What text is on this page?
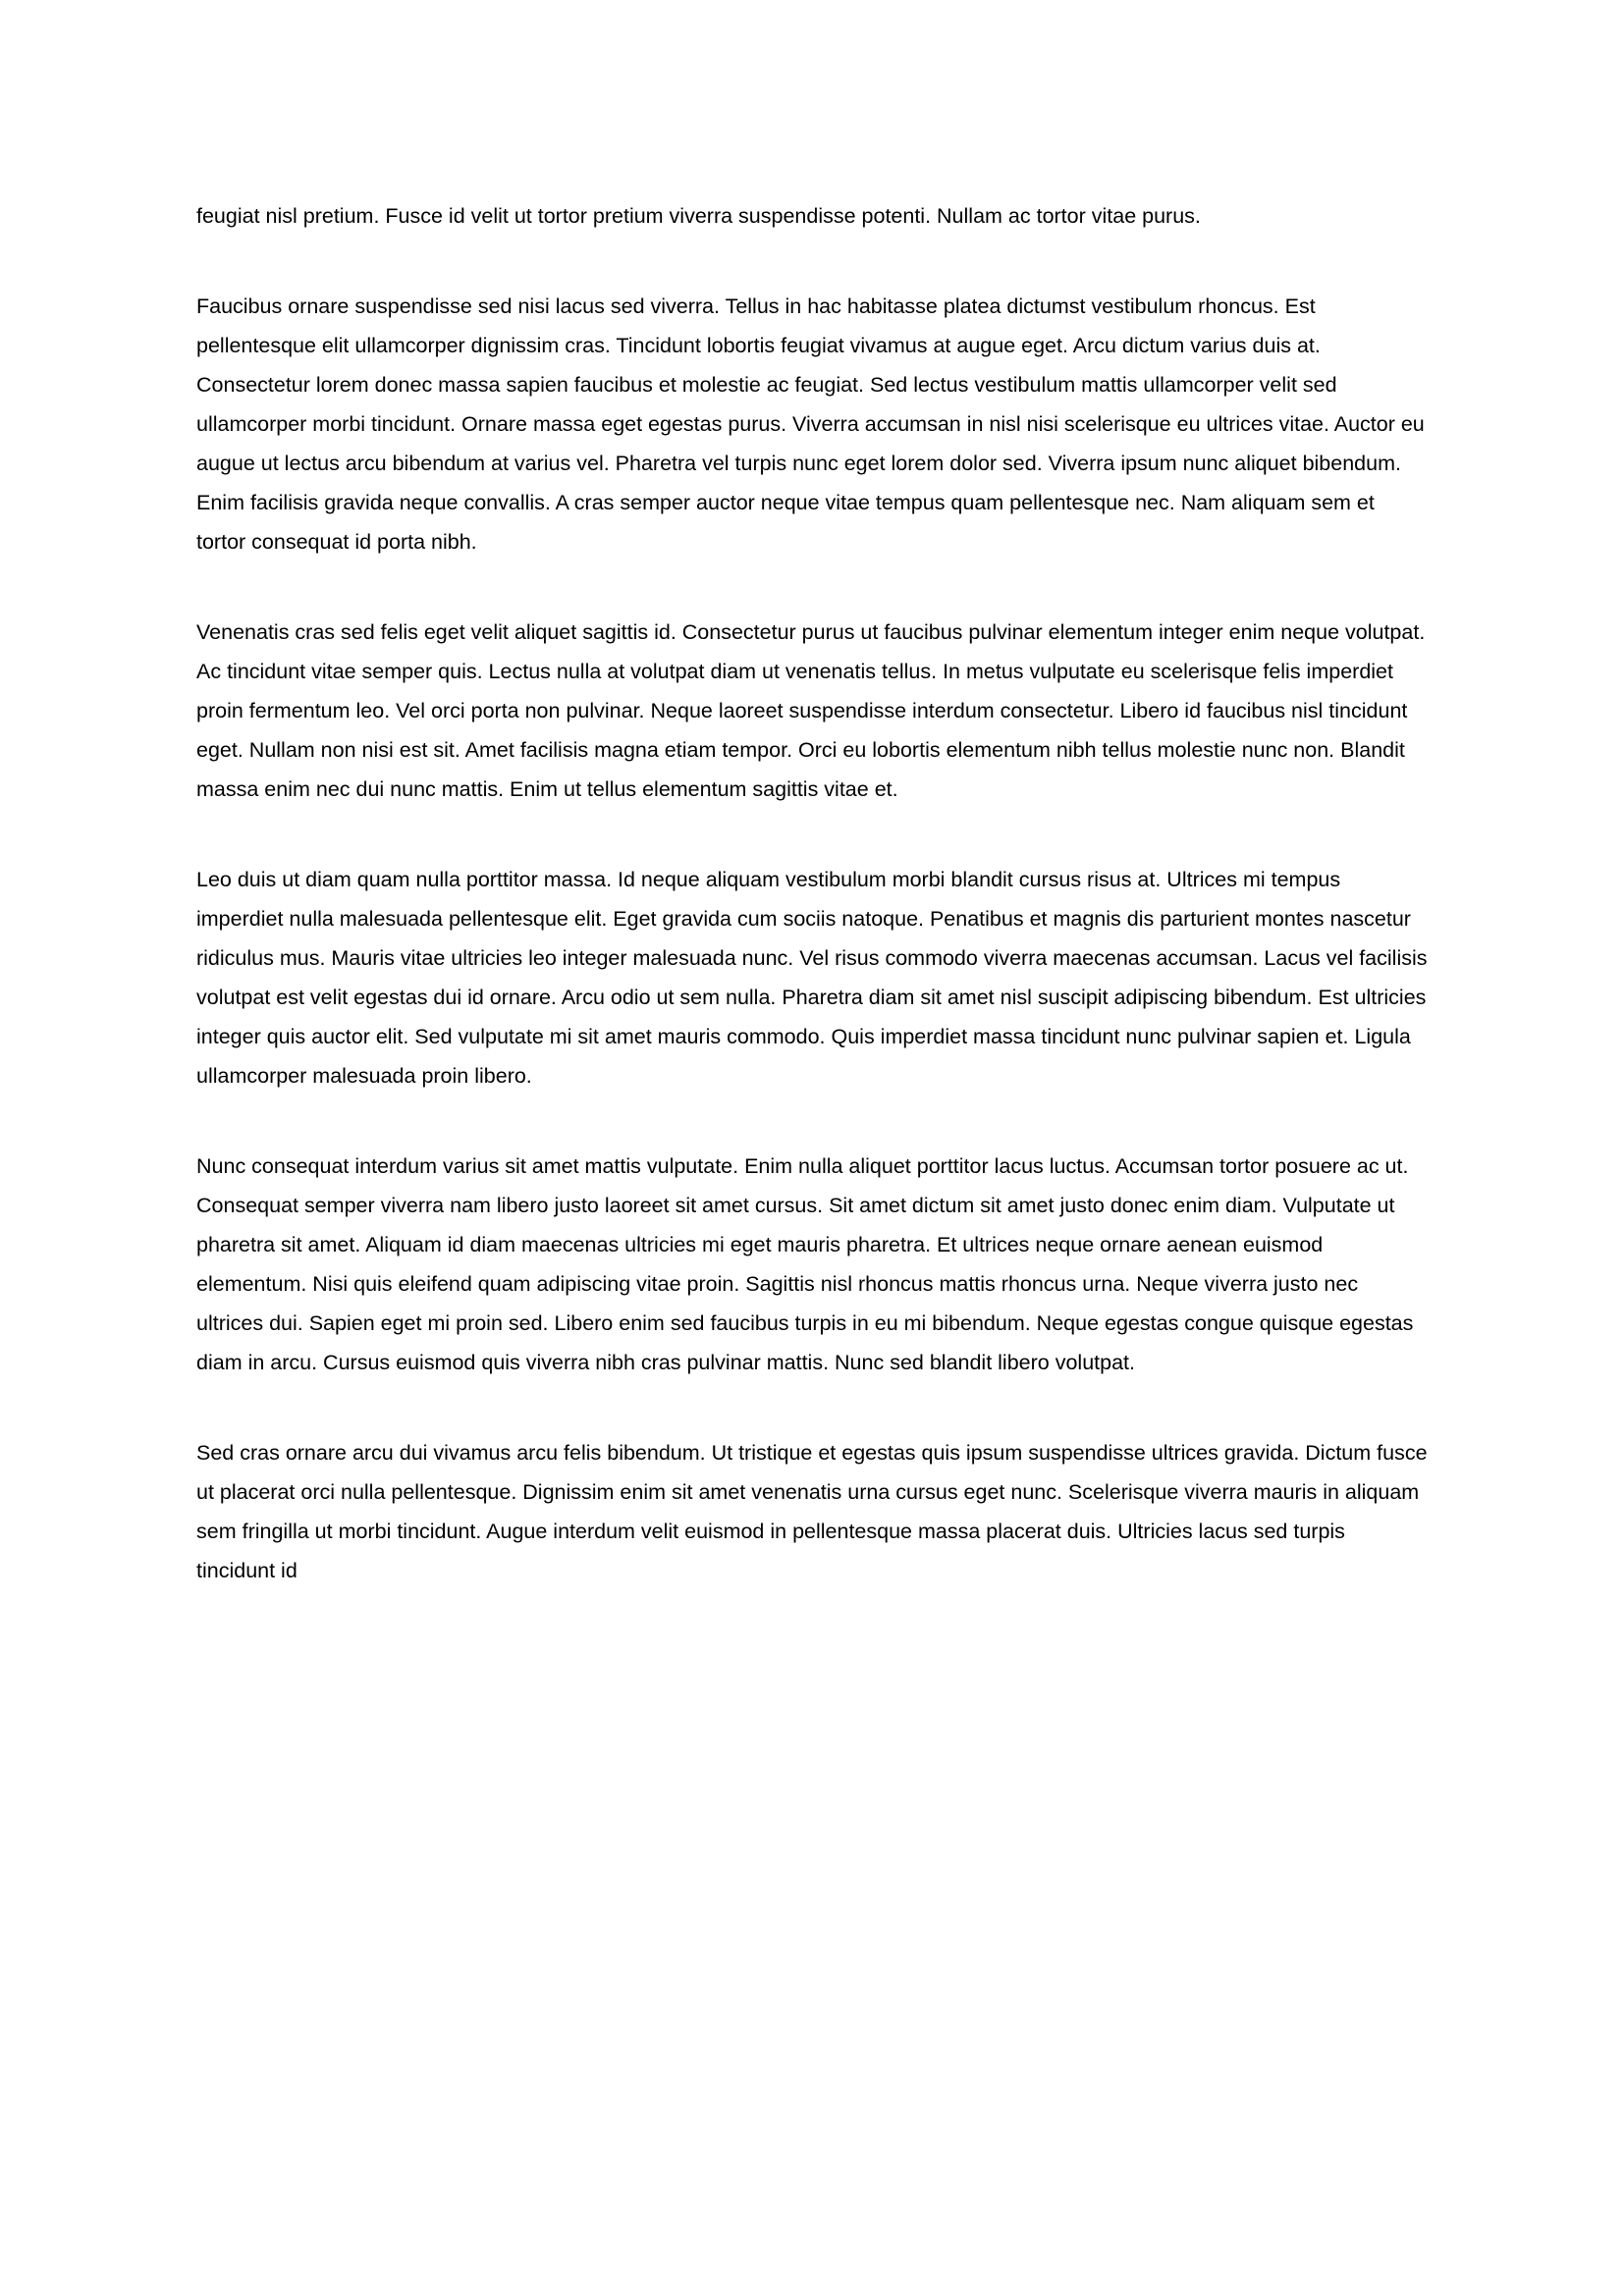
feugiat nisl pretium. Fusce id velit ut tortor pretium viverra suspendisse potenti. Nullam ac tortor vitae purus.

Faucibus ornare suspendisse sed nisi lacus sed viverra. Tellus in hac habitasse platea dictumst vestibulum rhoncus. Est pellentesque elit ullamcorper dignissim cras. Tincidunt lobortis feugiat vivamus at augue eget. Arcu dictum varius duis at. Consectetur lorem donec massa sapien faucibus et molestie ac feugiat. Sed lectus vestibulum mattis ullamcorper velit sed ullamcorper morbi tincidunt. Ornare massa eget egestas purus. Viverra accumsan in nisl nisi scelerisque eu ultrices vitae. Auctor eu augue ut lectus arcu bibendum at varius vel. Pharetra vel turpis nunc eget lorem dolor sed. Viverra ipsum nunc aliquet bibendum. Enim facilisis gravida neque convallis. A cras semper auctor neque vitae tempus quam pellentesque nec. Nam aliquam sem et tortor consequat id porta nibh.

Venenatis cras sed felis eget velit aliquet sagittis id. Consectetur purus ut faucibus pulvinar elementum integer enim neque volutpat. Ac tincidunt vitae semper quis. Lectus nulla at volutpat diam ut venenatis tellus. In metus vulputate eu scelerisque felis imperdiet proin fermentum leo. Vel orci porta non pulvinar. Neque laoreet suspendisse interdum consectetur. Libero id faucibus nisl tincidunt eget. Nullam non nisi est sit. Amet facilisis magna etiam tempor. Orci eu lobortis elementum nibh tellus molestie nunc non. Blandit massa enim nec dui nunc mattis. Enim ut tellus elementum sagittis vitae et.

Leo duis ut diam quam nulla porttitor massa. Id neque aliquam vestibulum morbi blandit cursus risus at. Ultrices mi tempus imperdiet nulla malesuada pellentesque elit. Eget gravida cum sociis natoque. Penatibus et magnis dis parturient montes nascetur ridiculus mus. Mauris vitae ultricies leo integer malesuada nunc. Vel risus commodo viverra maecenas accumsan. Lacus vel facilisis volutpat est velit egestas dui id ornare. Arcu odio ut sem nulla. Pharetra diam sit amet nisl suscipit adipiscing bibendum. Est ultricies integer quis auctor elit. Sed vulputate mi sit amet mauris commodo. Quis imperdiet massa tincidunt nunc pulvinar sapien et. Ligula ullamcorper malesuada proin libero.

Nunc consequat interdum varius sit amet mattis vulputate. Enim nulla aliquet porttitor lacus luctus. Accumsan tortor posuere ac ut. Consequat semper viverra nam libero justo laoreet sit amet cursus. Sit amet dictum sit amet justo donec enim diam. Vulputate ut pharetra sit amet. Aliquam id diam maecenas ultricies mi eget mauris pharetra. Et ultrices neque ornare aenean euismod elementum. Nisi quis eleifend quam adipiscing vitae proin. Sagittis nisl rhoncus mattis rhoncus urna. Neque viverra justo nec ultrices dui. Sapien eget mi proin sed. Libero enim sed faucibus turpis in eu mi bibendum. Neque egestas congue quisque egestas diam in arcu. Cursus euismod quis viverra nibh cras pulvinar mattis. Nunc sed blandit libero volutpat.

Sed cras ornare arcu dui vivamus arcu felis bibendum. Ut tristique et egestas quis ipsum suspendisse ultrices gravida. Dictum fusce ut placerat orci nulla pellentesque. Dignissim enim sit amet venenatis urna cursus eget nunc. Scelerisque viverra mauris in aliquam sem fringilla ut morbi tincidunt. Augue interdum velit euismod in pellentesque massa placerat duis. Ultricies lacus sed turpis tincidunt id
